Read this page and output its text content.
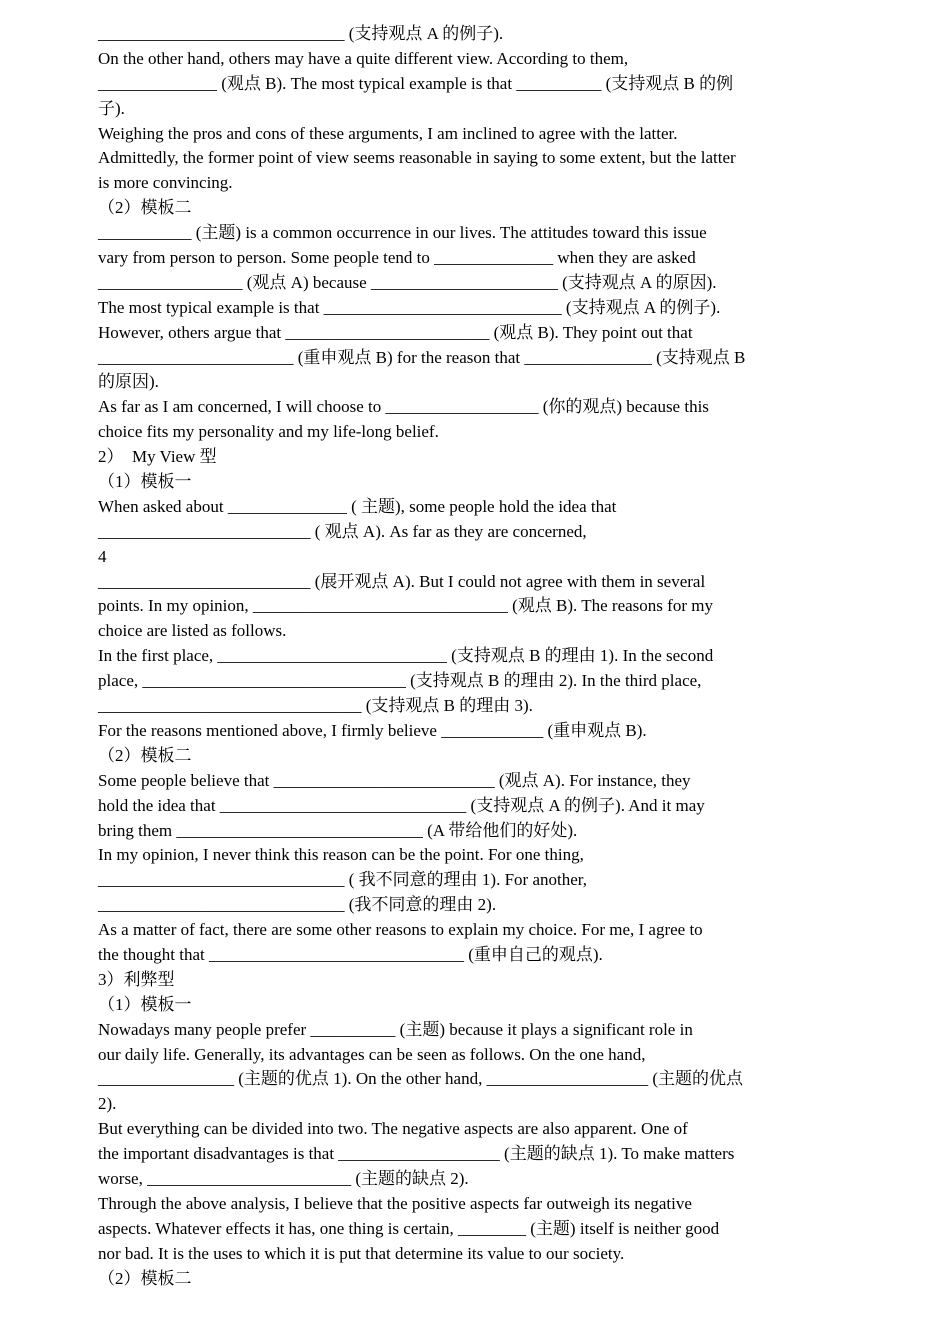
_____________________________ (支持观点 A 的例子).
On the other hand, others may have a quite different view. According to them,
______________ (观点 B). The most typical example is that __________ (支持观点 B 的例
子).
Weighing the pros and cons of these arguments, I am inclined to agree with the latter.
Admittedly, the former point of view seems reasonable in saying to some extent, but the latter
is more convincing.
（2）模板二
___________ (主题) is a common occurrence in our lives. The attitudes toward this issue
vary from person to person. Some people tend to ______________ when they are asked
_________________ (观点 A) because ______________________ (支持观点 A 的原因).
The most typical example is that ____________________________ (支持观点 A 的例子).
However, others argue that ________________________ (观点 B). They point out that
_______________________ (重申观点 B) for the reason that _______________ (支持观点 B
的原因).
As far as I am concerned, I will choose to __________________ (你的观点) because this
choice fits my personality and my life-long belief.
2）  My View 型
（1）模板一
When asked about ______________ ( 主题), some people hold the idea that
_________________________ ( 观点 A). As far as they are concerned,
4
_________________________ (展开观点 A). But I could not agree with them in several
points. In my opinion, ______________________________ (观点 B). The reasons for my
choice are listed as follows.
In the first place, ___________________________ (支持观点 B 的理由 1). In the second
place, _______________________________ (支持观点 B 的理由 2). In the third place,
_______________________________ (支持观点 B 的理由 3).
For the reasons mentioned above, I firmly believe ____________ (重申观点 B).
（2）模板二
Some people believe that __________________________ (观点 A). For instance, they
hold the idea that _____________________________ (支持观点 A 的例子). And it may
bring them _____________________________ (A 带给他们的好处).
In my opinion, I never think this reason can be the point. For one thing,
_____________________________ ( 我不同意的理由 1). For another,
_____________________________ (我不同意的理由 2).
As a matter of fact, there are some other reasons to explain my choice. For me, I agree to
the thought that ______________________________ (重申自己的观点).
3）利弊型
（1）模板一
Nowadays many people prefer __________ (主题) because it plays a significant role in
our daily life. Generally, its advantages can be seen as follows. On the one hand,
________________ (主题的优点 1). On the other hand, ___________________ (主题的优点
2).
But everything can be divided into two. The negative aspects are also apparent. One of
the important disadvantages is that ___________________ (主题的缺点 1). To make matters
worse, ________________________ (主题的缺点 2).
Through the above analysis, I believe that the positive aspects far outweigh its negative
aspects. Whatever effects it has, one thing is certain, ________ (主题) itself is neither good
nor bad. It is the uses to which it is put that determine its value to our society.
（2）模板二
